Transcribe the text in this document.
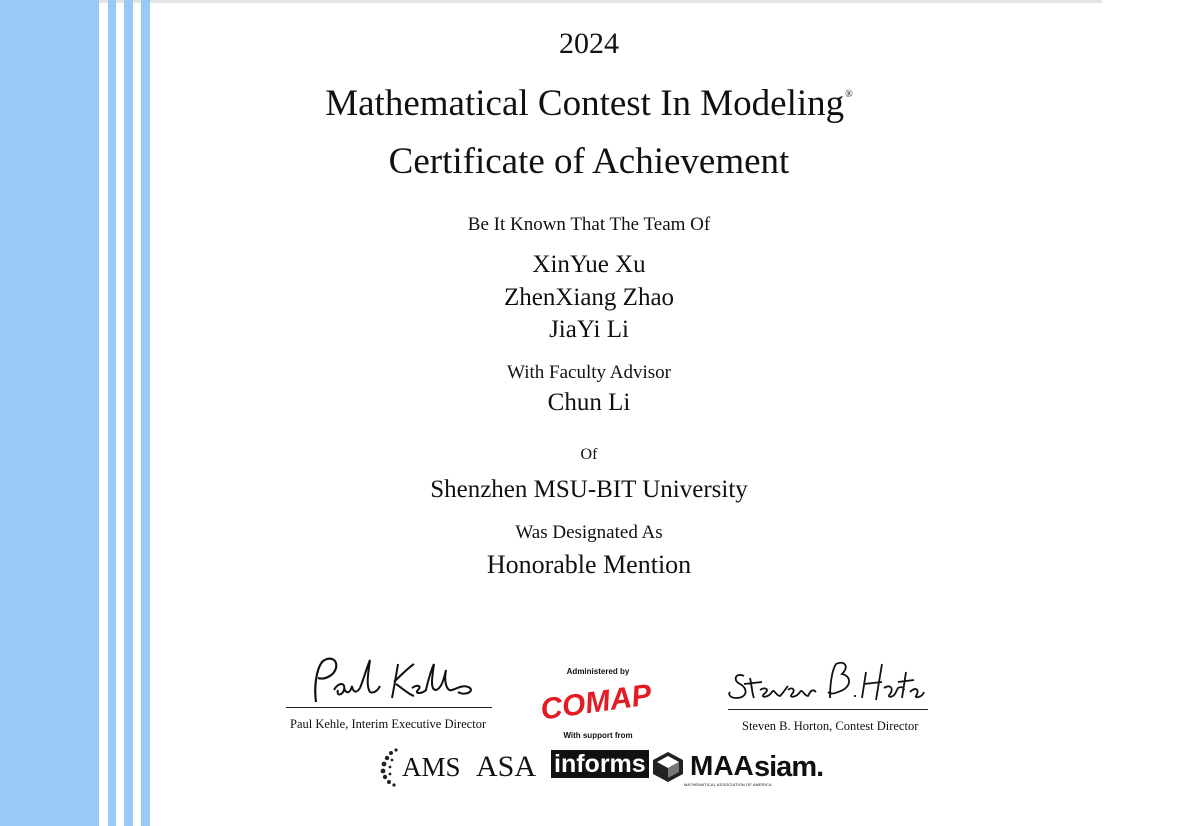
2024
Mathematical Contest In Modeling®
Certificate of Achievement
Be It Known That The Team Of
XinYue Xu
ZhenXiang Zhao
JiaYi Li
With Faculty Advisor
Chun Li
Of
Shenzhen MSU-BIT University
Was Designated As
Honorable Mention
Paul Kehle, Interim Executive Director	Steven B. Horton, Contest Director
Administered by
COMAP
With support from
AMS ASA informs MAA
MATHEMATICAL ASSOCIATION OF AMERICA
siam.
